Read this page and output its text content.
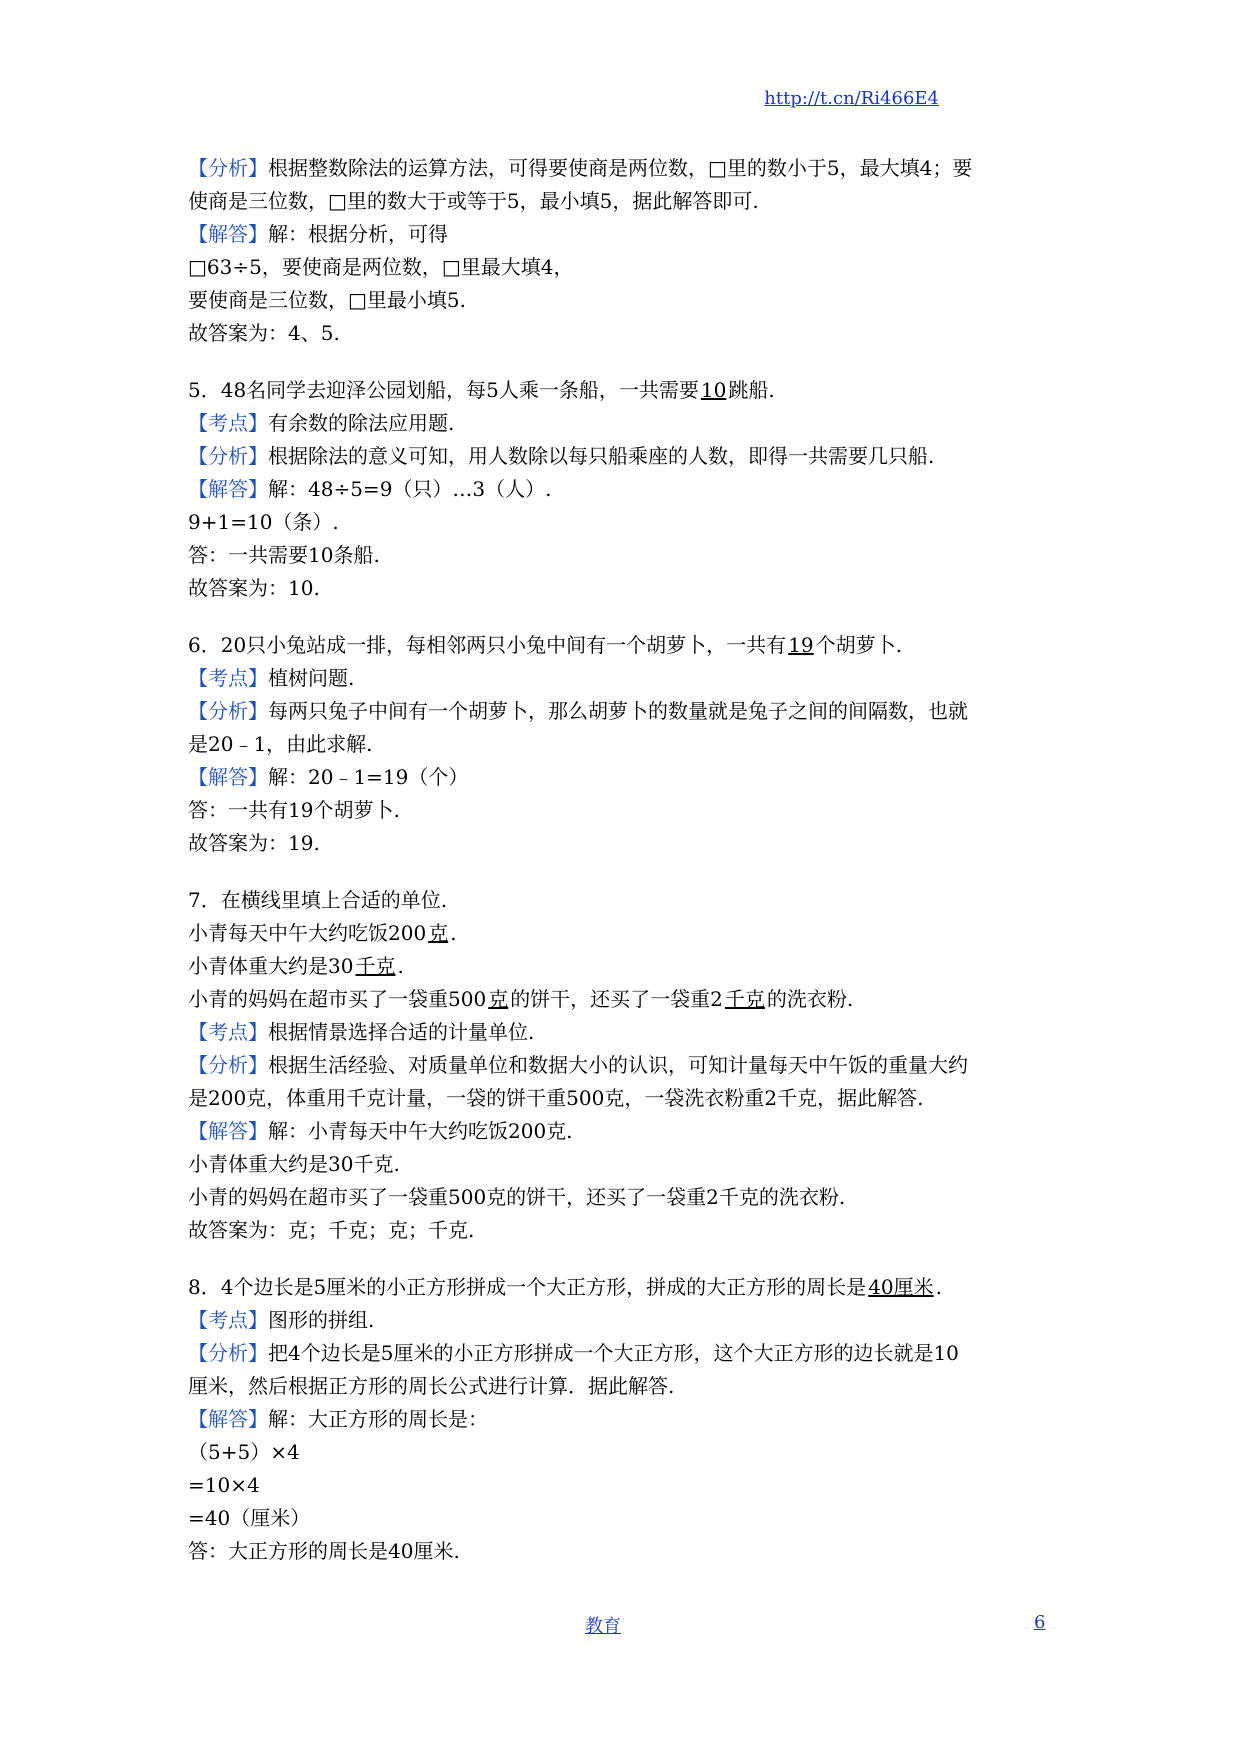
http://t.cn/Ri466E4
【分析】根据整数除法的运算方法，可得要使商是两位数，□里的数小于5，最大填4；要
使商是三位数，□里的数大于或等于5，最小填5，据此解答即可.
【解答】解：根据分析，可得
□63÷5，要使商是两位数，□里最大填4，
要使商是三位数，□里最小填5.
故答案为：4、5.
5．48名同学去迎泽公园划船，每5人乘一条船，一共需要10跳船.
【考点】有余数的除法应用题.
【分析】根据除法的意义可知，用人数除以每只船乘座的人数，即得一共需要几只船.
【解答】解：48÷5=9（只）…3（人）.
9+1=10（条）.
答：一共需要10条船.
故答案为：10.
6．20只小兔站成一排，每相邻两只小兔中间有一个胡萝卜，一共有19个胡萝卜.
【考点】植树问题.
【分析】每两只兔子中间有一个胡萝卜，那么胡萝卜的数量就是兔子之间的间隔数，也就
是20﹣1，由此求解.
【解答】解：20﹣1=19（个）
答：一共有19个胡萝卜.
故答案为：19.
7．在横线里填上合适的单位.
小青每天中午大约吃饭200克.
小青体重大约是30千克.
小青的妈妈在超市买了一袋重500克的饼干，还买了一袋重2千克的洗衣粉.
【考点】根据情景选择合适的计量单位.
【分析】根据生活经验、对质量单位和数据大小的认识，可知计量每天中午饭的重量大约
是200克，体重用千克计量，一袋的饼干重500克，一袋洗衣粉重2千克，据此解答.
【解答】解：小青每天中午大约吃饭200克.
小青体重大约是30千克.
小青的妈妈在超市买了一袋重500克的饼干，还买了一袋重2千克的洗衣粉.
故答案为：克；千克；克；千克.
8．4个边长是5厘米的小正方形拼成一个大正方形，拼成的大正方形的周长是40厘米.
【考点】图形的拼组.
【分析】把4个边长是5厘米的小正方形拼成一个大正方形，这个大正方形的边长就是10
厘米，然后根据正方形的周长公式进行计算．据此解答.
【解答】解：大正方形的周长是：
（5+5）×4
=10×4
=40（厘米）
答：大正方形的周长是40厘米.
教育	6
